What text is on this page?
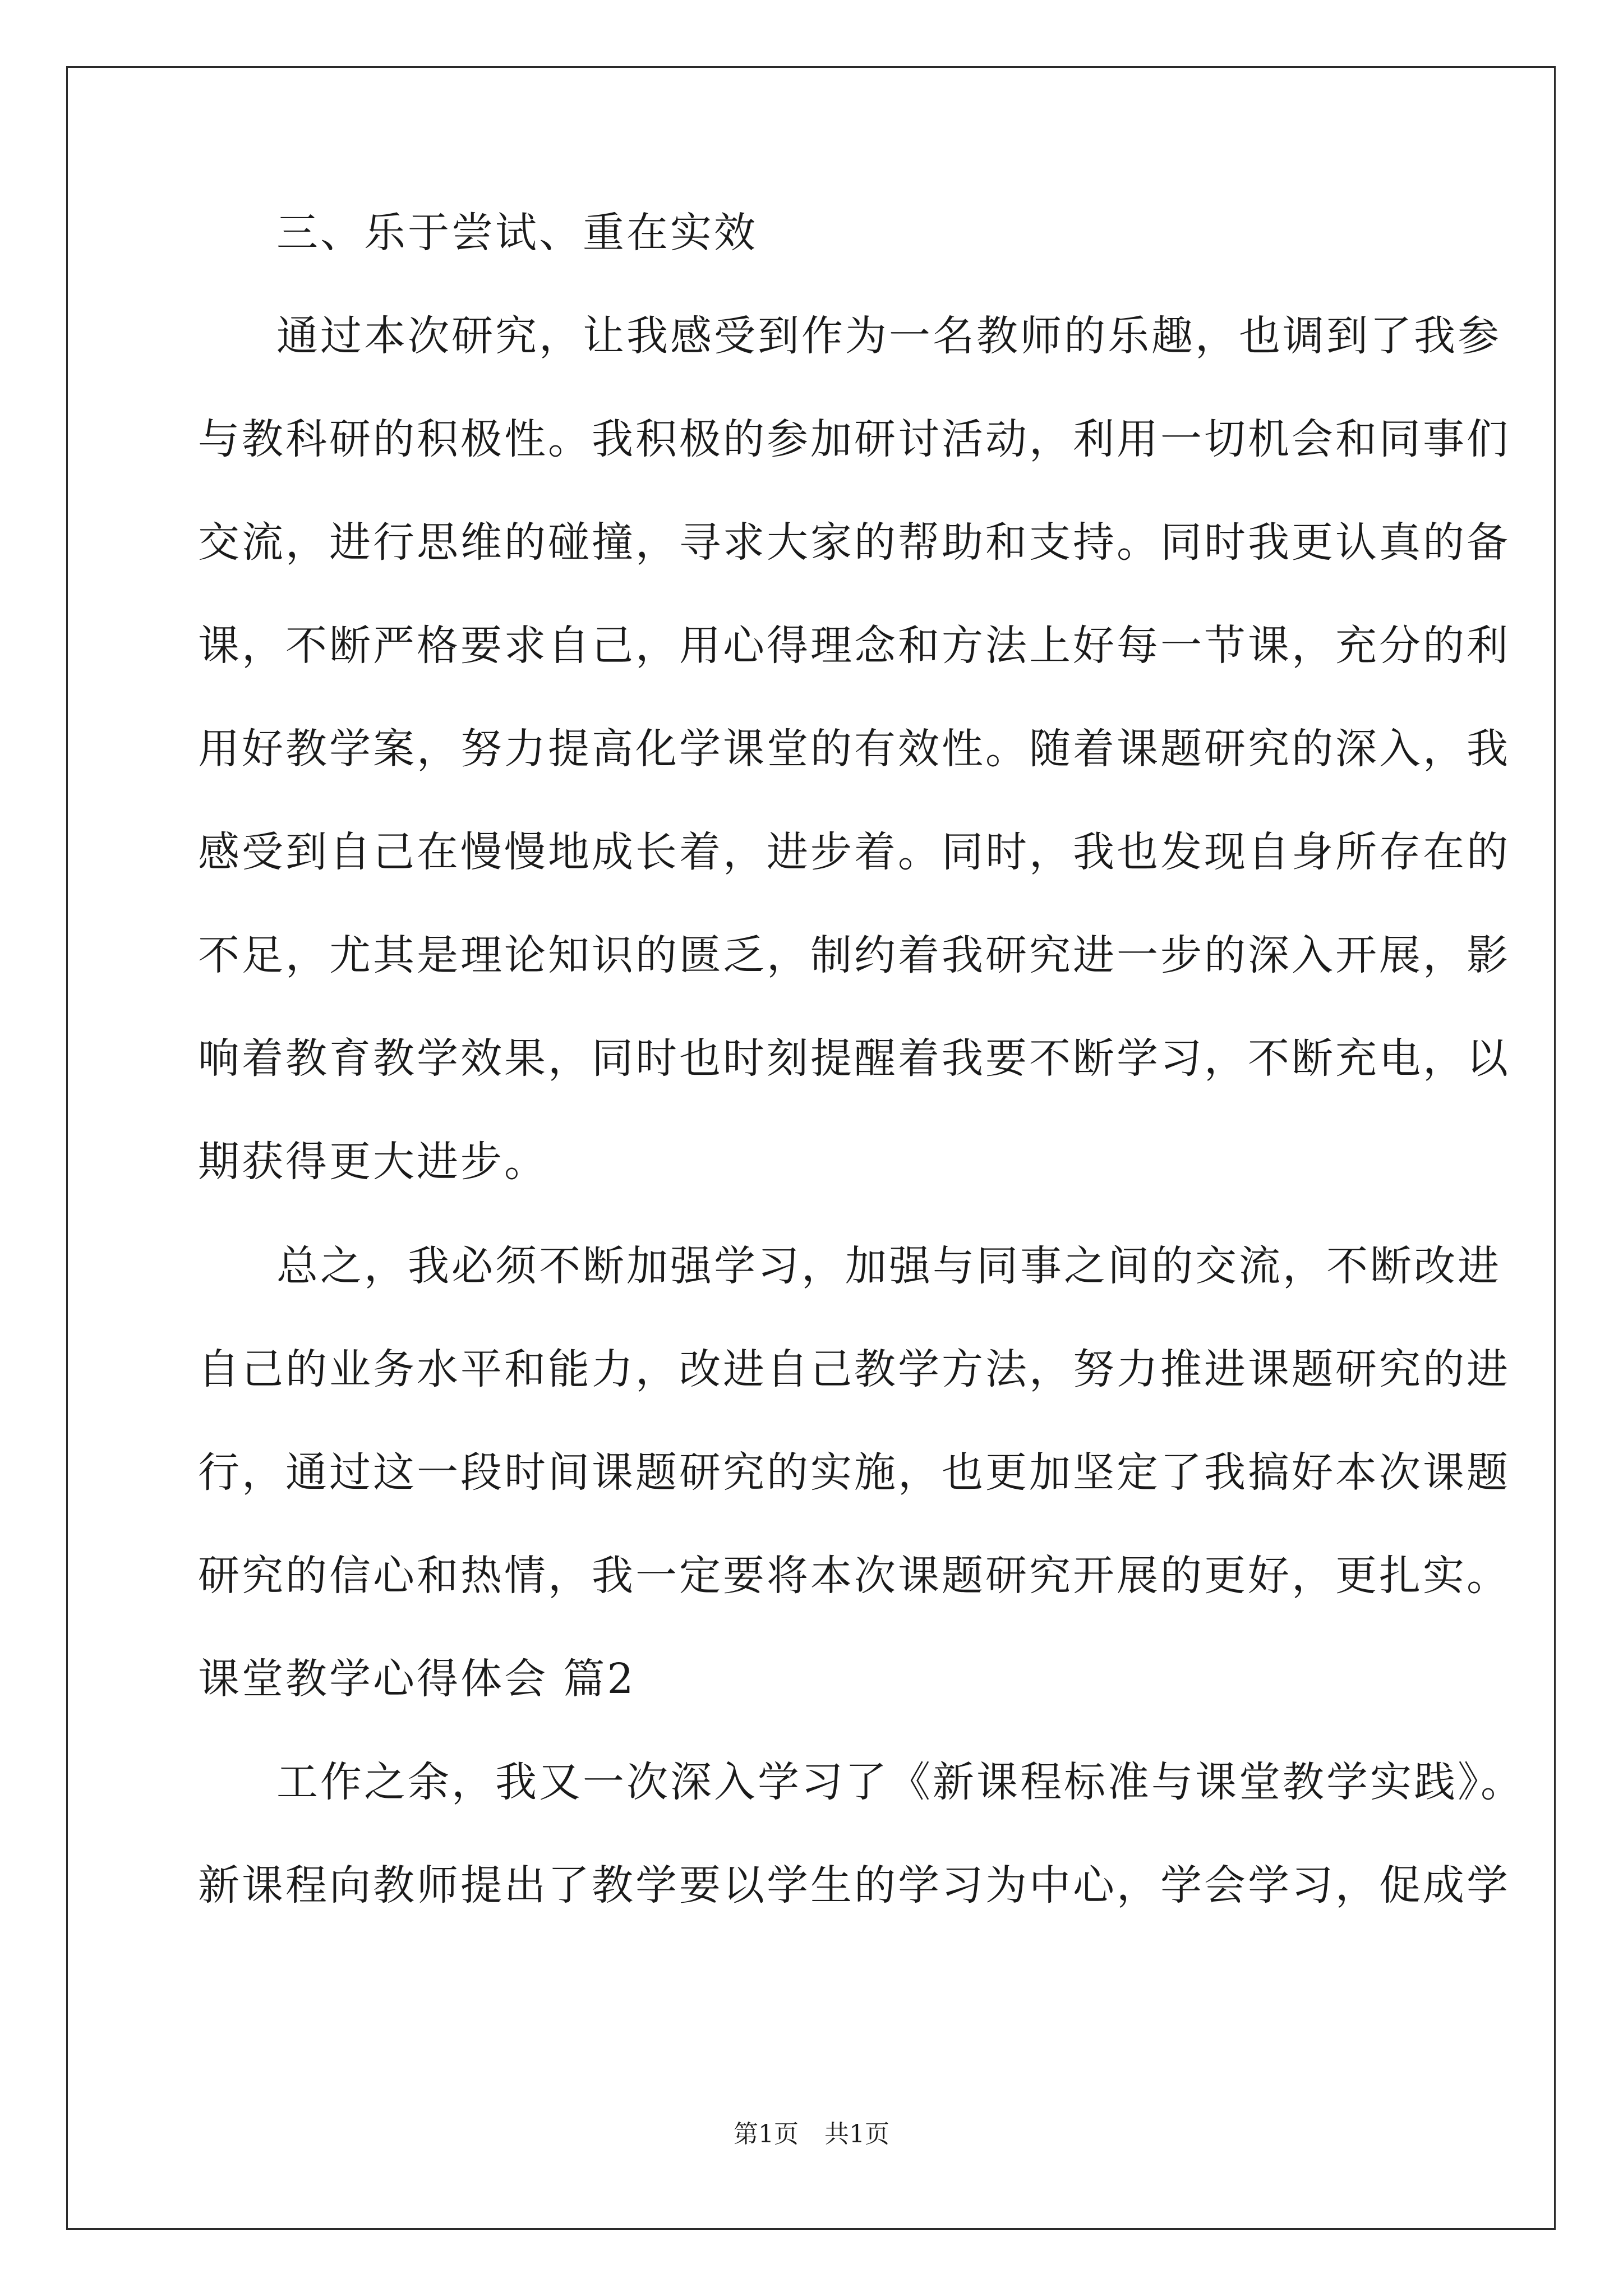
三、乐于尝试、重在实效
通过本次研究，让我感受到作为一名教师的乐趣，也调到了我参
与教科研的积极性。我积极的参加研讨活动，利用一切机会和同事们
交流，进行思维的碰撞，寻求大家的帮助和支持。同时我更认真的备
课，不断严格要求自己，用心得理念和方法上好每一节课，充分的利
用好教学案，努力提高化学课堂的有效性。随着课题研究的深入，我
感受到自己在慢慢地成长着，进步着。同时，我也发现自身所存在的
不足，尤其是理论知识的匮乏，制约着我研究进一步的深入开展，影
响着教育教学效果，同时也时刻提醒着我要不断学习，不断充电，以
期获得更大进步。
总之，我必须不断加强学习，加强与同事之间的交流，不断改进
自己的业务水平和能力，改进自己教学方法，努力推进课题研究的进
行，通过这一段时间课题研究的实施，也更加坚定了我搞好本次课题
研究的信心和热情，我一定要将本次课题研究开展的更好，更扎实。
课堂教学心得体会 篇2
工作之余，我又一次深入学习了《新课程标准与课堂教学实践》。
新课程向教师提出了教学要以学生的学习为中心，学会学习，促成学
第1页 共1页
